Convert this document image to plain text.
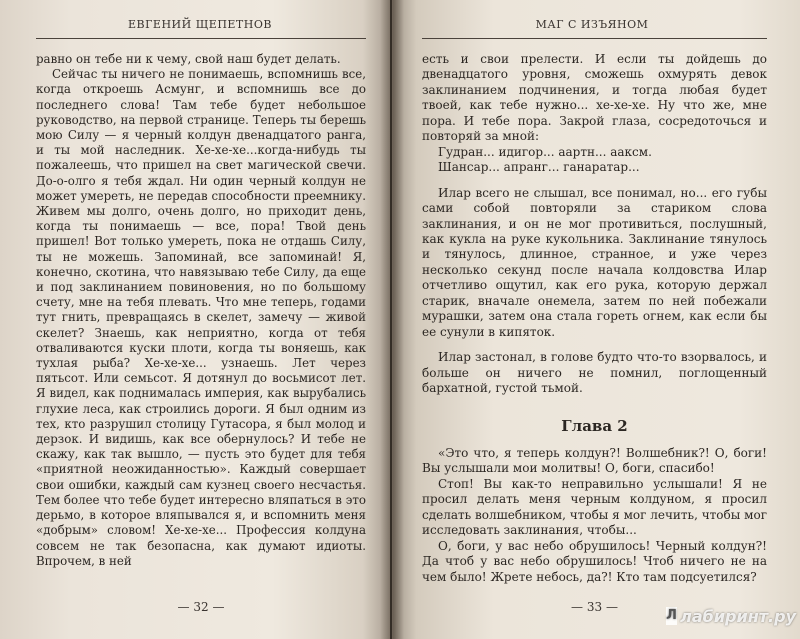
ЕВГЕНИЙ ЩЕПЕТНОВ

равно он тебе ни к чему, свой наш будет делать.

Сейчас ты ничего не понимаешь, вспомнишь все, когда откроешь Асмунг, и вспомнишь все до последнего слова! Там тебе будет небольшое руководство, на первой странице. Теперь ты берешь мою Силу — я черный колдун двенадцатого ранга, и ты мой наследник. Хе-хе-хе...когда-нибудь ты пожалеешь, что пришел на свет магической свечи. До-о-олго я тебя ждал. Ни один черный колдун не может умереть, не передав способности преемнику. Живем мы долго, очень долго, но приходит день, когда ты понимаешь — все, пора! Твой день пришел! Вот только умереть, пока не отдашь Силу, ты не можешь. Запоминай, все запоминай! Я, конечно, скотина, что навязываю тебе Силу, да еще и под заклинанием повиновения, но по большому счету, мне на тебя плевать. Что мне теперь, годами тут гнить, превращаясь в скелет, замечу — живой скелет? Знаешь, как неприятно, когда от тебя отваливаются куски плоти, когда ты воняешь, как тухлая рыба? Хе-хе-хе... узнаешь. Лет через пятьсот. Или семьсот. Я дотянул до восьмисот лет. Я видел, как поднималась империя, как вырубались глухие леса, как строились дороги. Я был одним из тех, кто разрушил столицу Гутасора, я был молод и дерзок. И видишь, как все обернулось? И тебе не скажу, как так вышло, — пусть это будет для тебя «приятной неожиданностью». Каждый совершает свои ошибки, каждый сам кузнец своего несчастья. Тем более что тебе будет интересно вляпаться в это дерьмо, в которое вляпывался я, и вспомнить меня «добрым» словом! Хе-хе-хе... Профессия колдуна совсем не так безопасна, как думают идиоты. Впрочем, в ней

— 32 —
МАГ С ИЗЪЯНОМ

есть и свои прелести. И если ты дойдешь до двенадцатого уровня, сможешь охмурять девок заклинанием подчинения, и тогда любая будет твоей, как тебе нужно... хе-хе-хе. Ну что же, мне пора. И тебе пора. Закрой глаза, сосредоточься и повторяй за мной:

Гудран... идигор... аартн... аакcм.

Шансар... апранг... ганаратар...

Илар всего не слышал, все понимал, но... его губы сами собой повторяли за стариком слова заклинания, и он не мог противиться, послушный, как кукла на руке кукольника. Заклинание тянулось и тянулось, длинное, странное, и уже через несколько секунд после начала колдовства Илар отчетливо ощутил, как его рука, которую держал старик, вначале онемела, затем по ней побежали мурашки, затем она стала гореть огнем, как если бы ее сунули в кипяток.

Илар застонал, в голове будто что-то взорвалось, и больше он ничего не помнил, поглощенный бархатной, густой тьмой.

Глава 2

«Это что, я теперь колдун?! Волшебник?! О, боги! Вы услышали мои молитвы! О, боги, спасибо!

Стоп! Вы как-то неправильно услышали! Я не просил делать меня черным колдуном, я просил сделать волшебником, чтобы я мог лечить, чтобы мог исследовать заклинания, чтобы...

О, боги, у вас небо обрушилось! Черный колдун?! Да чтоб у вас небо обрушилось! Чтоб ничего не на чем было! Жрете небось, да?! Кто там подсуетился?

— 33 —
Л лабиринт.ру
